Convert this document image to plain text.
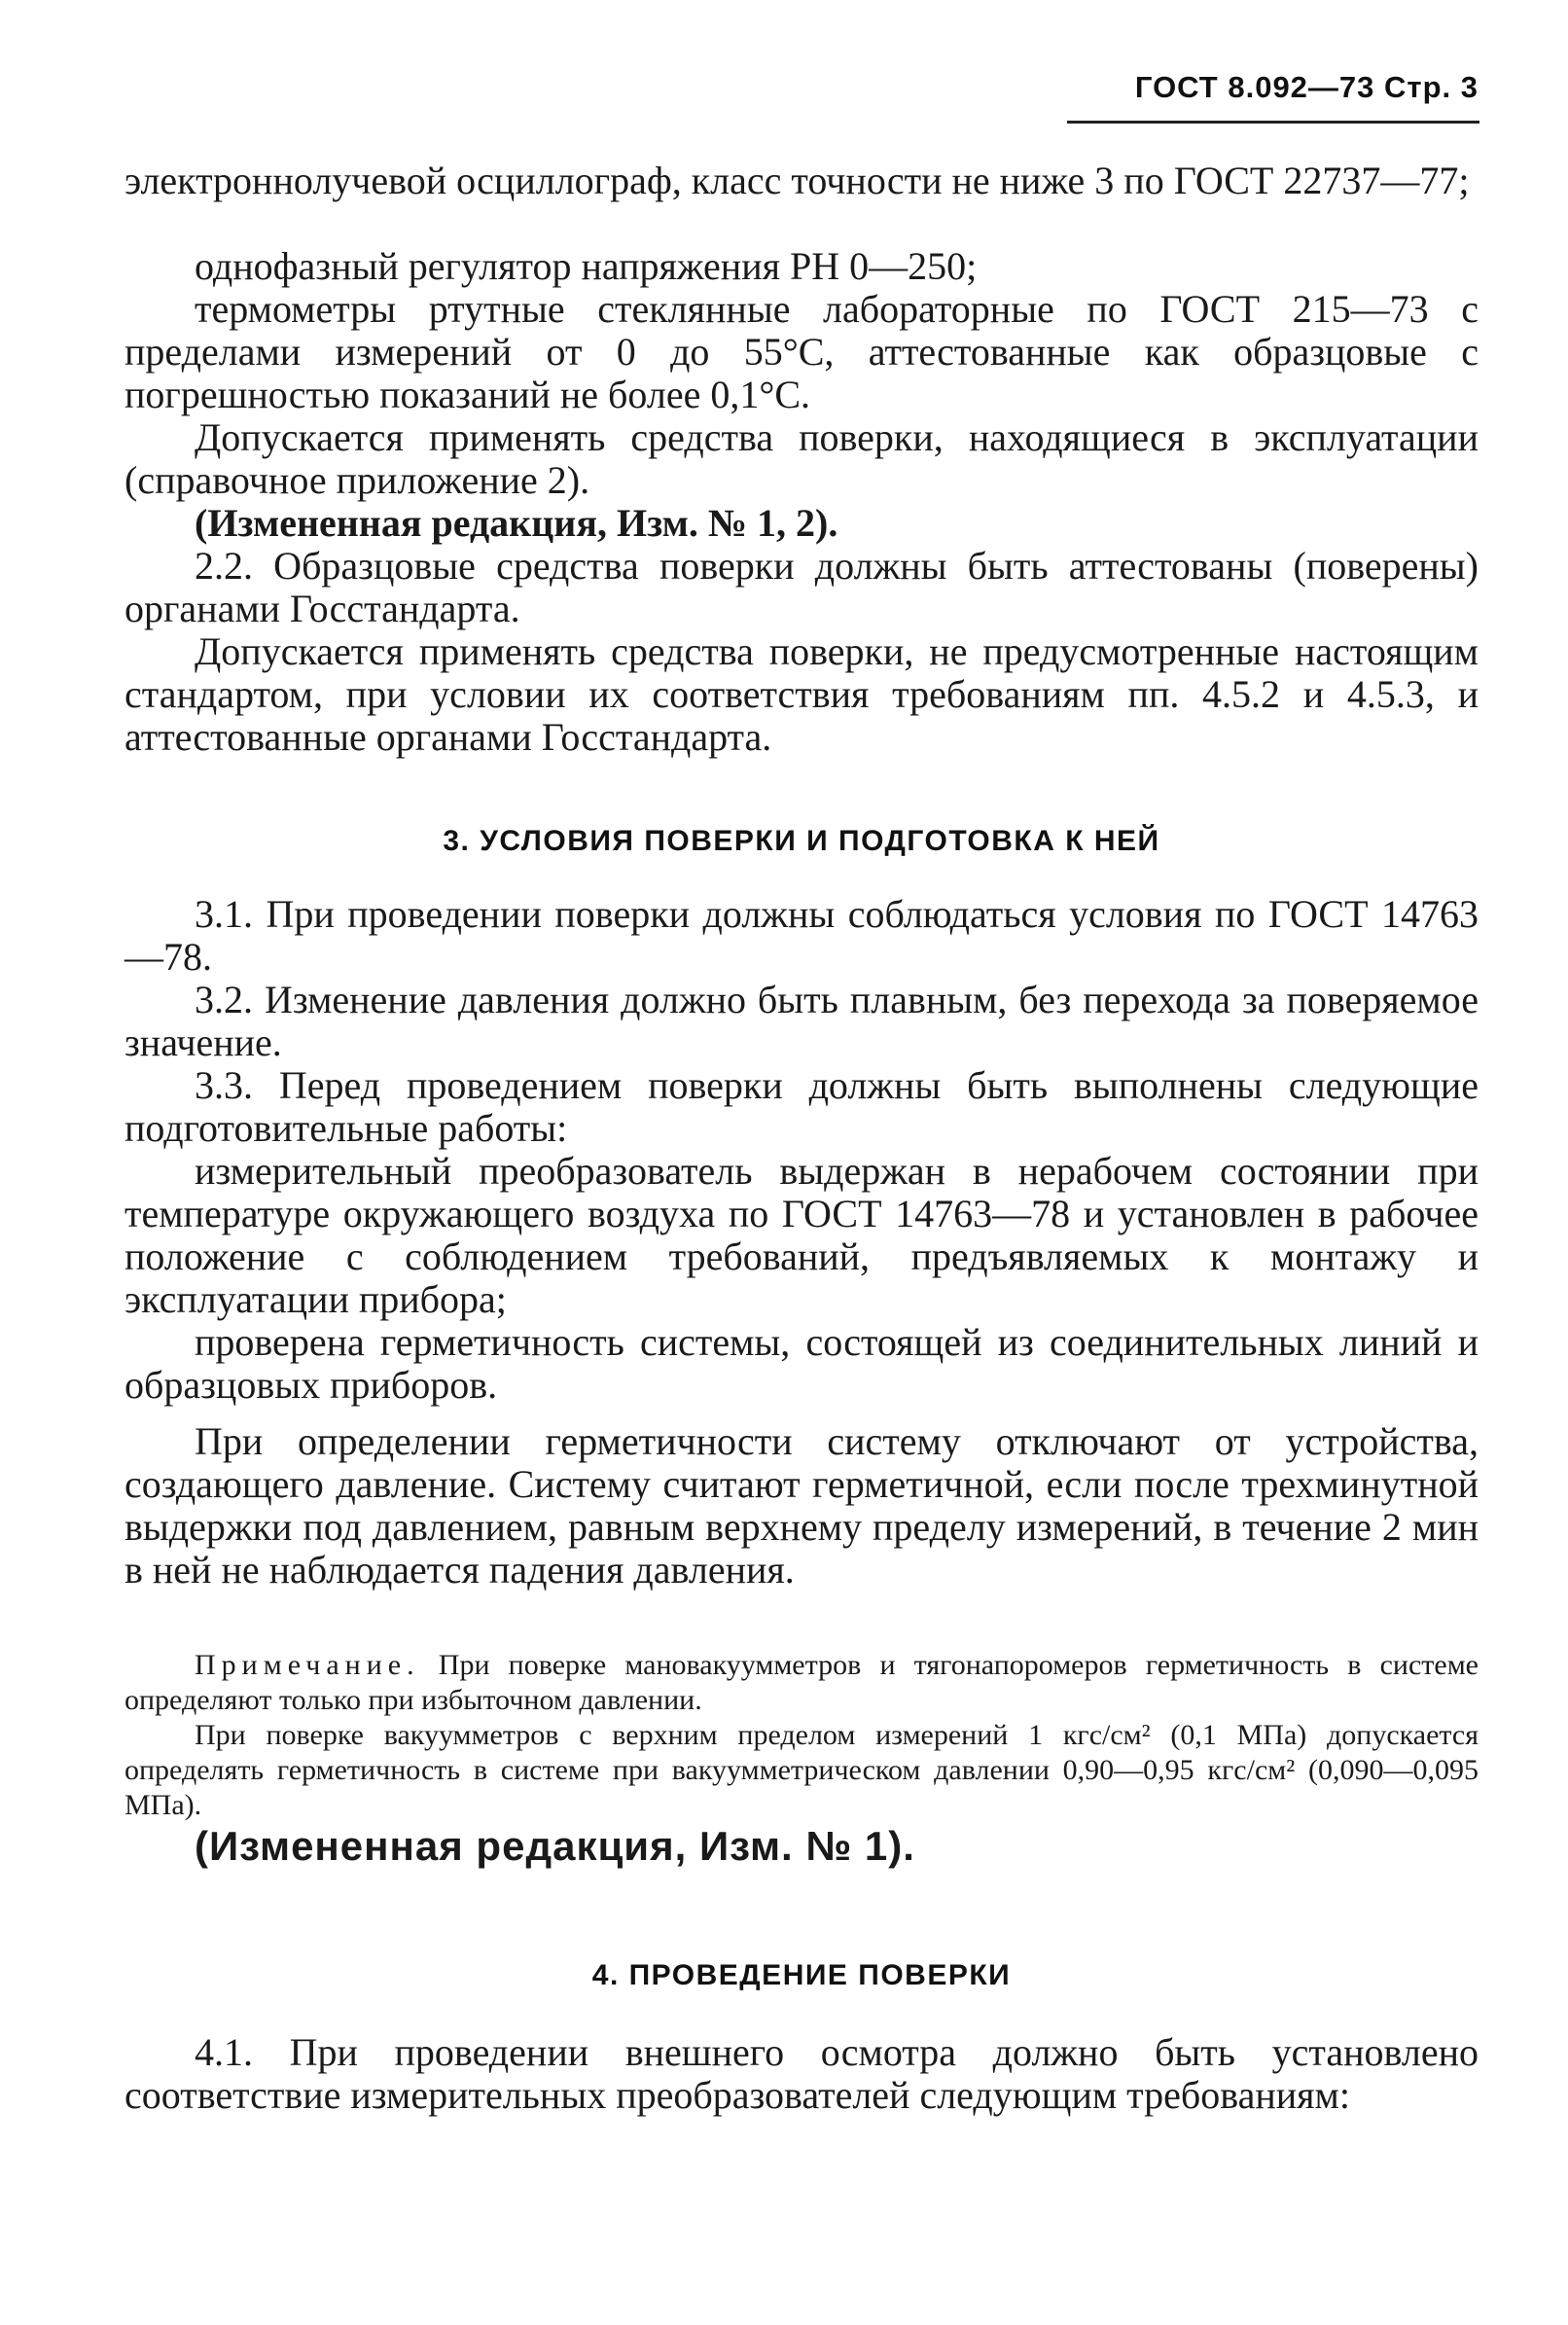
ГОСТ 8.092—73 Стр. 3
электроннолучевой осциллограф, класс точности не ниже 3 по ГОСТ 22737—77;
однофазный регулятор напряжения РН 0—250;
термометры ртутные стеклянные лабораторные по ГОСТ 215—73 с пределами измерений от 0 до 55°С, аттестованные как образцовые с погрешностью показаний не более 0,1°С.
Допускается применять средства поверки, находящиеся в эксплуатации (справочное приложение 2).
(Измененная редакция, Изм. № 1, 2).
2.2. Образцовые средства поверки должны быть аттестованы (поверены) органами Госстандарта.
Допускается применять средства поверки, не предусмотренные настоящим стандартом, при условии их соответствия требованиям пп. 4.5.2 и 4.5.3, и аттестованные органами Госстандарта.
3. УСЛОВИЯ ПОВЕРКИ И ПОДГОТОВКА К НЕЙ
3.1. При проведении поверки должны соблюдаться условия по ГОСТ 14763—78.
3.2. Изменение давления должно быть плавным, без перехода за поверяемое значение.
3.3. Перед проведением поверки должны быть выполнены следующие подготовительные работы:
измерительный преобразователь выдержан в нерабочем состоянии при температуре окружающего воздуха по ГОСТ 14763—78 и установлен в рабочее положение с соблюдением требований, предъявляемых к монтажу и эксплуатации прибора;
проверена герметичность системы, состоящей из соединительных линий и образцовых приборов.
При определении герметичности систему отключают от устройства, создающего давление. Систему считают герметичной, если после трехминутной выдержки под давлением, равным верхнему пределу измерений, в течение 2 мин в ней не наблюдается падения давления.
Примечание. При поверке мановакуумметров и тягонапоромеров герметичность в системе определяют только при избыточном давлении.
При поверке вакуумметров с верхним пределом измерений 1 кгс/см² (0,1 МПа) допускается определять герметичность в системе при вакуумметрическом давлении 0,90—0,95 кгс/см² (0,090—0,095 МПа).
(Измененная редакция, Изм. № 1).
4. ПРОВЕДЕНИЕ ПОВЕРКИ
4.1. При проведении внешнего осмотра должно быть установлено соответствие измерительных преобразователей следующим требованиям:
